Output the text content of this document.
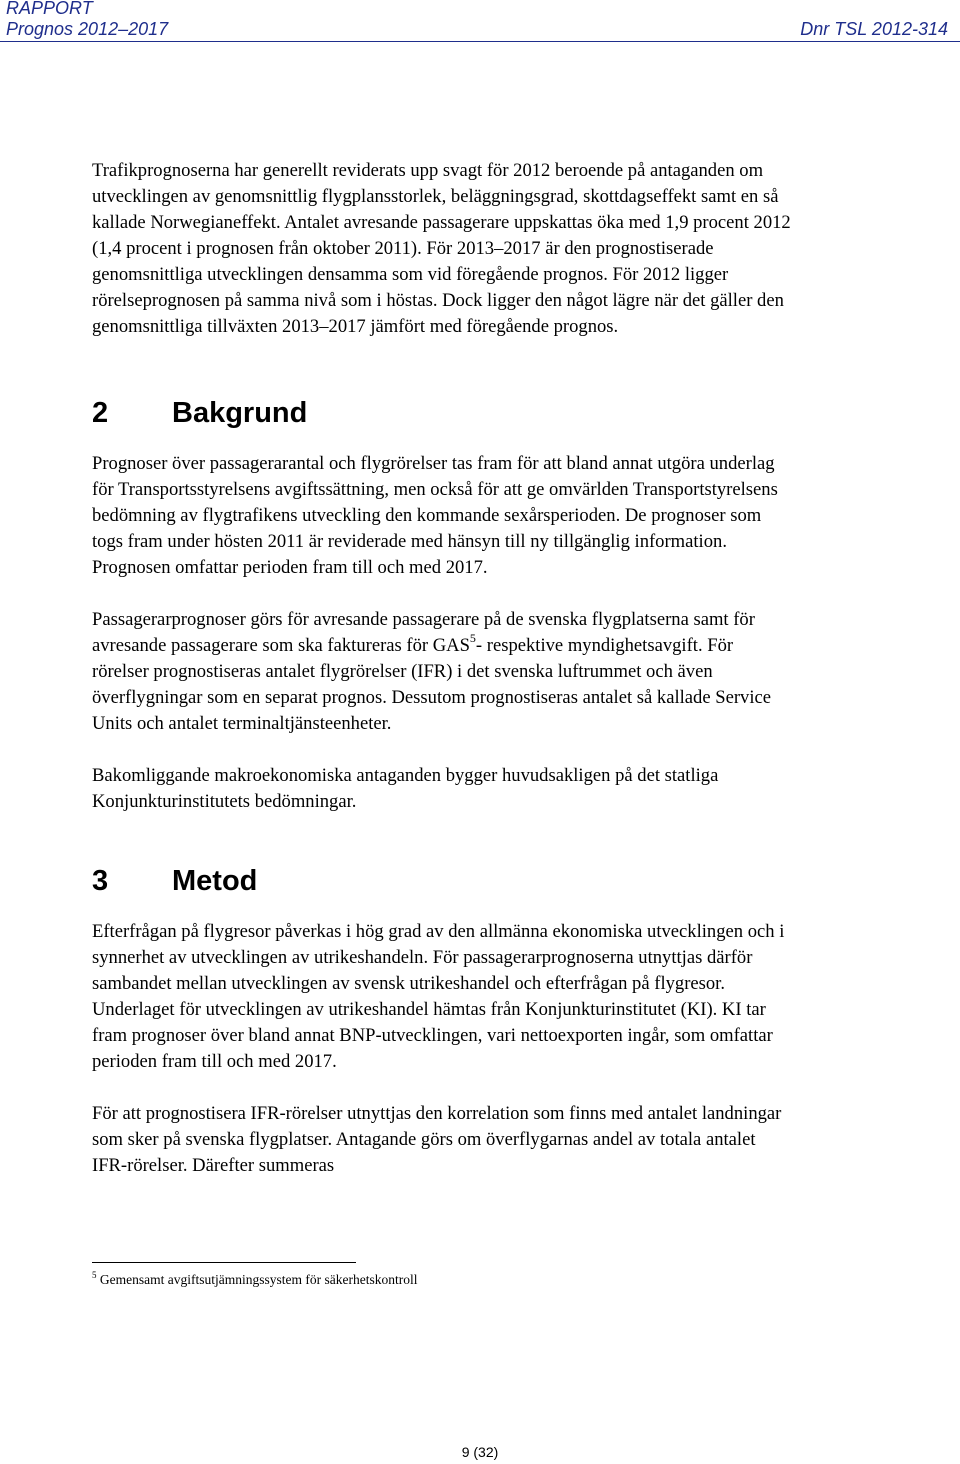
RAPPORT
Prognos 2012–2017	Dnr TSL 2012-314

Trafikprognoserna har generellt reviderats upp svagt för 2012 beroende på antaganden om utvecklingen av genomsnittlig flygplansstorlek, beläggningsgrad, skottdagseffekt samt en så kallade Norwegianeffekt. Antalet avresande passagerare uppskattas öka med 1,9 procent 2012 (1,4 procent i prognosen från oktober 2011). För 2013–2017 är den prognostiserade genomsnittliga utvecklingen densamma som vid föregående prognos. För 2012 ligger rörelseprognosen på samma nivå som i höstas. Dock ligger den något lägre när det gäller den genomsnittliga tillväxten 2013–2017 jämfört med föregående prognos.

2	Bakgrund

Prognoser över passagerarantal och flygrörelser tas fram för att bland annat utgöra underlag för Transportsstyrelsens avgiftssättning, men också för att ge omvärlden Transportstyrelsens bedömning av flygtrafikens utveckling den kommande sexårsperioden. De prognoser som togs fram under hösten 2011 är reviderade med hänsyn till ny tillgänglig information. Prognosen omfattar perioden fram till och med 2017.

Passagerarprognoser görs för avresande passagerare på de svenska flygplatserna samt för avresande passagerare som ska faktureras för GAS$^5$- respektive myndighetsavgift. För rörelser prognostiseras antalet flygrörelser (IFR) i det svenska luftrummet och även överflygningar som en separat prognos. Dessutom prognostiseras antalet så kallade Service Units och antalet terminaltjänsteenheter.

Bakomliggande makroekonomiska antaganden bygger huvudsakligen på det statliga Konjunkturinstitutets bedömningar.

3	Metod

Efterfrågan på flygresor påverkas i hög grad av den allmänna ekonomiska utvecklingen och i synnerhet av utvecklingen av utrikeshandeln. För passagerarprognoserna utnyttjas därför sambandet mellan utvecklingen av svensk utrikeshandel och efterfrågan på flygresor. Underlaget för utvecklingen av utrikeshandel hämtas från Konjunkturinstitutet (KI). KI tar fram prognoser över bland annat BNP-utvecklingen, vari nettoexporten ingår, som omfattar perioden fram till och med 2017.

För att prognostisera IFR-rörelser utnyttjas den korrelation som finns med antalet landningar som sker på svenska flygplatser. Antagande görs om överflygarnas andel av totala antalet IFR-rörelser. Därefter summeras

$^5$ Gemensamt avgiftsutjämningssystem för säkerhetskontroll
9 (32)
